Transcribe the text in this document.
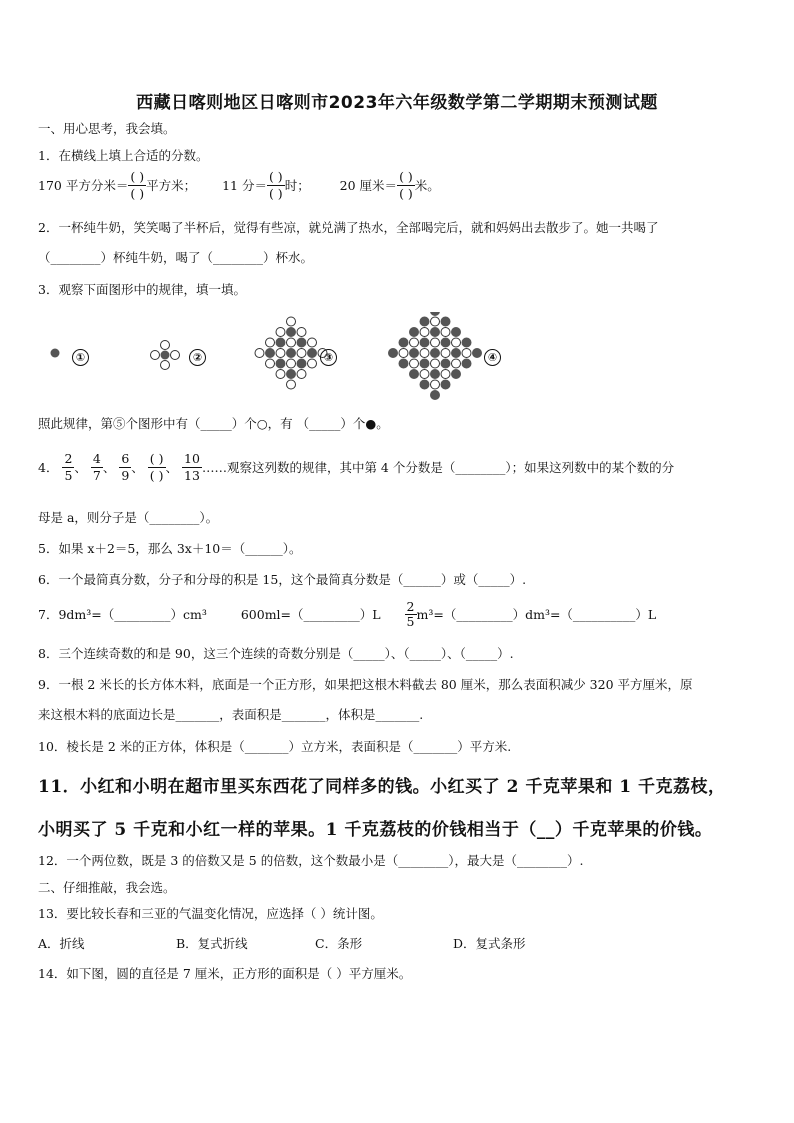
西藏日喀则地区日喀则市2023年六年级数学第二学期期末预测试题
一、用心思考，我会填。
1．在横线上填上合适的分数。
170 平方分米＝ $\frac{( )}{( )}$ 平方米； 11 分＝ $\frac{( )}{( )}$ 时； 20 厘米＝ $\frac{( )}{( )}$ 米。
2．一杯纯牛奶，笑笑喝了半杯后，觉得有些凉，就兑满了热水，全部喝完后，就和妈妈出去散步了。她一共喝了
（________）杯纯牛奶，喝了（________）杯水。
3．观察下面图形中的规律，填一填。
①	②	③	④
照此规律，第⑤个图形中有（_____）个○，有 （_____）个●。
4． $\frac{2}{5}$ 、 $\frac{4}{7}$ 、 $\frac{6}{9}$ 、 $\frac{( )}{( )}$ 、 $\frac{10}{13}$ ……观察这列数的规律，其中第 4 个分数是（________）；如果这列数中的某个数的分
母是 a，则分子是（________）。
5．如果 x＋2＝5，那么 3x＋10＝（______）。
6．一个最简真分数，分子和分母的积是 15，这个最简真分数是（______）或（_____）.
7．9dm³=（_________）cm³	600ml=（_________）L $\frac{2}{5}$ m³=（_________）dm³=（__________）L
8．三个连续奇数的和是 90，这三个连续的奇数分别是（_____）、（_____）、（_____）.
9．一根 2 米长的长方体木料，底面是一个正方形，如果把这根木料截去 80 厘米，那么表面积减少 320 平方厘米，原
来这根木料的底面边长是_______，表面积是_______，体积是_______.
10．棱长是 2 米的正方体，体积是（_______）立方米，表面积是（_______）平方米.
11．小红和小明在超市里买东西花了同样多的钱。小红买了 2 千克苹果和 1 千克荔枝，
小明买了 5 千克和小红一样的苹果。1 千克荔枝的价钱相当于（__）千克苹果的价钱。
12．一个两位数，既是 3 的倍数又是 5 的倍数，这个数最小是（________），最大是（________）.
二、仔细推敲，我会选。
13．要比较长春和三亚的气温变化情况，应选择（ ）统计图。
A．折线	B．复式折线	C．条形	D．复式条形
14．如下图，圆的直径是 7 厘米，正方形的面积是（ ）平方厘米。
